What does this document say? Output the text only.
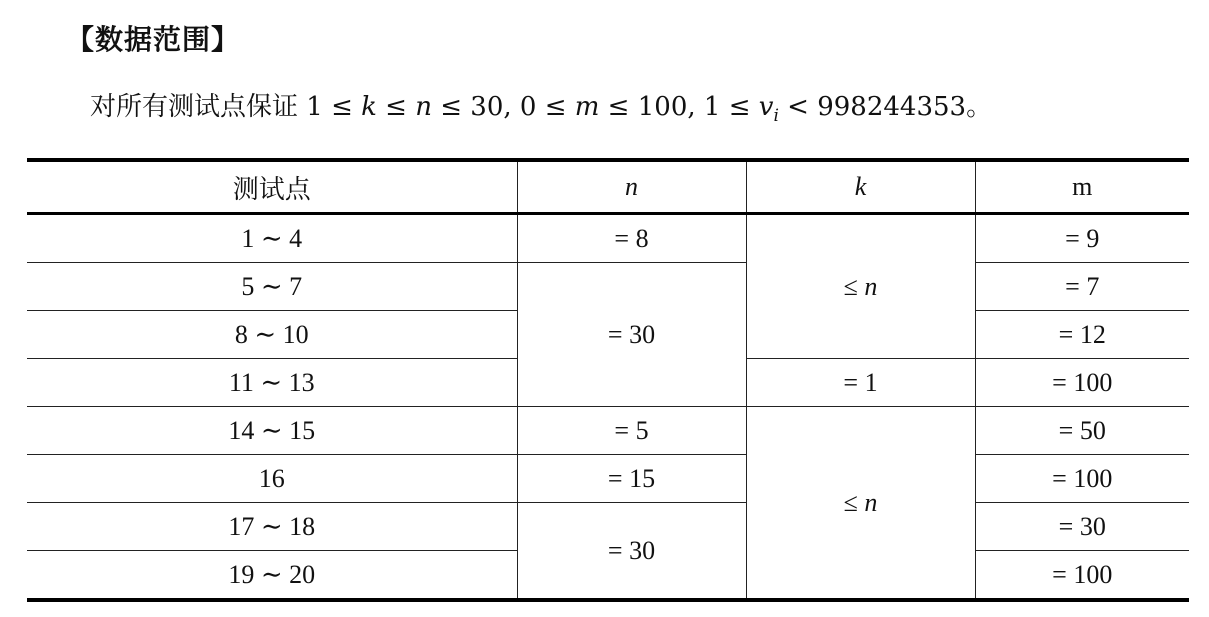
【数据范围】
对所有测试点保证 1 ≤ k ≤ n ≤ 30, 0 ≤ m ≤ 100, $1 \le v_i < 998244353$。
测试点	n	k	m
1 ∼ 4	= 8	≤ n	= 9
5 ∼ 7	= 30		= 7
8 ∼ 10			= 12
11 ∼ 13		= 1	= 100
14 ∼ 15	= 5	≤ n	= 50
16	= 15		= 100
17 ∼ 18	= 30		= 30
19 ∼ 20			= 100
